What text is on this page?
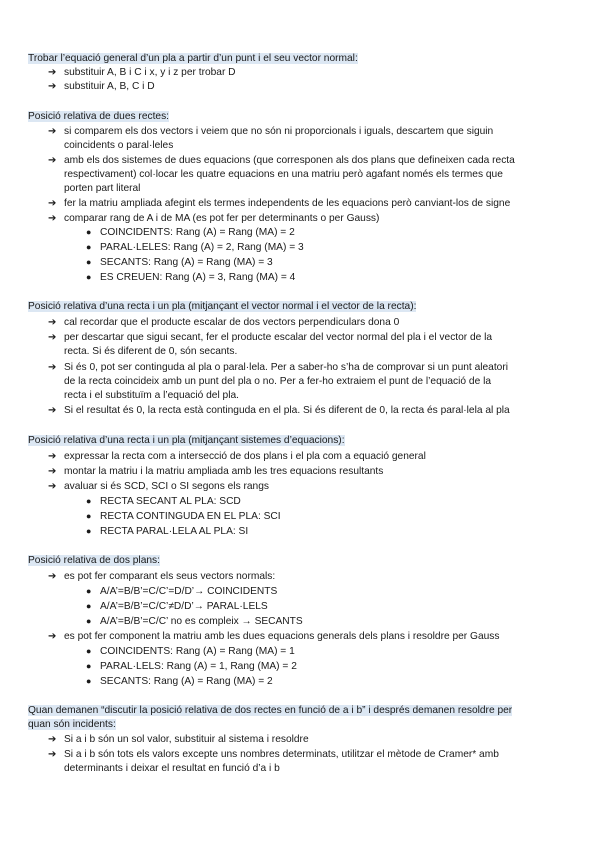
Trobar l’equació general d’un pla a partir d’un punt i el seu vector normal:
➔ substituir A, B i C i x, y i z per trobar D
➔ substituir A, B, C i D
Posició relativa de dues rectes:
➔ si comparem els dos vectors i veiem que no són ni proporcionals i iguals, descartem que siguin
coincidents o paral·leles
➔ amb els dos sistemes de dues equacions (que corresponen als dos plans que defineixen cada recta
respectivament) col·locar les quatre equacions en una matriu però agafant només els termes que
porten part literal
➔ fer la matriu ampliada afegint els termes independents de les equacions però canviant-los de signe
➔ comparar rang de A i de MA (es pot fer per determinants o per Gauss)
● COINCIDENTS: Rang (A) = Rang (MA) = 2
● PARAL·LELES: Rang (A) = 2, Rang (MA) = 3
● SECANTS: Rang (A) = Rang (MA) = 3
● ES CREUEN: Rang (A) = 3, Rang (MA) = 4
Posició relativa d’una recta i un pla (mitjançant el vector normal i el vector de la recta):
➔ cal recordar que el producte escalar de dos vectors perpendiculars dona 0
➔ per descartar que sigui secant, fer el producte escalar del vector normal del pla i el vector de la
recta. Si és diferent de 0, són secants.
➔ Si és 0, pot ser continguda al pla o paral·lela. Per a saber-ho s’ha de comprovar si un punt aleatori
de la recta coincideix amb un punt del pla o no. Per a fer-ho extraiem el punt de l’equació de la
recta i el substituïm a l’equació del pla.
➔ Si el resultat és 0, la recta està continguda en el pla. Si és diferent de 0, la recta és paral·lela al pla
Posició relativa d’una recta i un pla (mitjançant sistemes d’equacions):
➔ expressar la recta com a intersecció de dos plans i el pla com a equació general
➔ montar la matriu i la matriu ampliada amb les tres equacions resultants
➔ avaluar si és SCD, SCI o SI segons els rangs
● RECTA SECANT AL PLA: SCD
● RECTA CONTINGUDA EN EL PLA: SCI
● RECTA PARAL·LELA AL PLA: SI
Posició relativa de dos plans:
➔ es pot fer comparant els seus vectors normals:
● A/A’=B/B’=C/C’=D/D’→ COINCIDENTS
● A/A’=B/B’=C/C’≠D/D’→ PARAL·LELS
● A/A’=B/B’=C/C’ no es compleix → SECANTS
➔ es pot fer component la matriu amb les dues equacions generals dels plans i resoldre per Gauss
● COINCIDENTS: Rang (A) = Rang (MA) = 1
● PARAL·LELS: Rang (A) = 1, Rang (MA) = 2
● SECANTS: Rang (A) = Rang (MA) = 2
Quan demanen “discutir la posició relativa de dos rectes en funció de a i b” i després demanen resoldre per
quan són incidents:
➔ Si a i b són un sol valor, substituir al sistema i resoldre
➔ Si a i b són tots els valors excepte uns nombres determinats, utilitzar el mètode de Cramer* amb
determinants i deixar el resultat en funció d’a i b
